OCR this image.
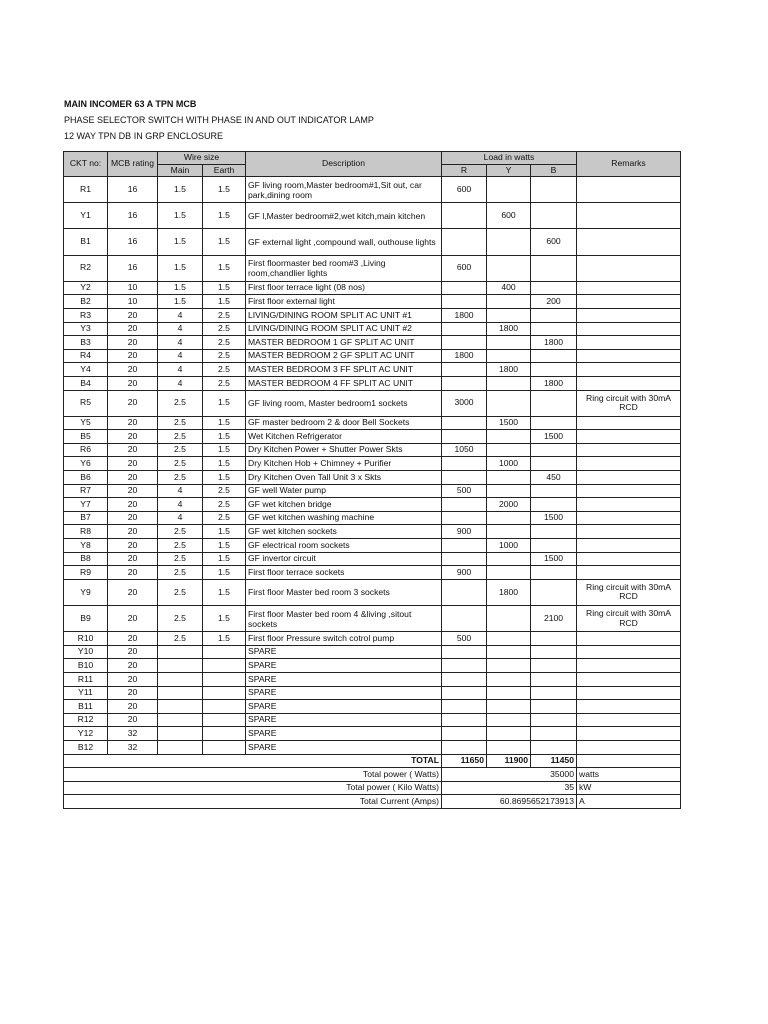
MAIN INCOMER 63 A TPN MCB
PHASE SELECTOR SWITCH WITH PHASE IN AND OUT INDICATOR LAMP
12 WAY TPN DB IN GRP ENCLOSURE
CKT no:	MCB rating	Wire size		Description	Load in watts			Remarks
		Main	Earth		R	Y	B	
R1	16	1.5	1.5	GF living room,Master bedroom#1,Sit out, car park,dining room	600			
Y1	16	1.5	1.5	GF l,Master bedroom#2,wet kitch,main kitchen		600		
B1	16	1.5	1.5	GF external light ,compound wall, outhouse lights			600	
R2	16	1.5	1.5	First floormaster bed room#3 ,Living room,chandlier lights	600			
Y2	10	1.5	1.5	First floor terrace light (08 nos)		400		
B2	10	1.5	1.5	First floor external light			200	
R3	20	4	2.5	LIVING/DINING ROOM SPLIT AC UNIT #1	1800			
Y3	20	4	2.5	LIVING/DINING ROOM SPLIT AC UNIT #2		1800		
B3	20	4	2.5	MASTER BEDROOM 1 GF SPLIT AC UNIT			1800	
R4	20	4	2.5	MASTER BEDROOM 2 GF SPLIT AC UNIT	1800			
Y4	20	4	2.5	MASTER BEDROOM 3 FF SPLIT AC UNIT		1800		
B4	20	4	2.5	MASTER BEDROOM 4 FF SPLIT AC UNIT			1800	
R5	20	2.5	1.5	GF living room, Master bedroom1 sockets	3000			Ring circuit with 30mA RCD
Y5	20	2.5	1.5	GF master bedroom 2 & door Bell Sockets		1500		
B5	20	2.5	1.5	Wet Kitchen Refrigerator			1500	
R6	20	2.5	1.5	Dry Kitchen Power + Shutter Power Skts	1050			
Y6	20	2.5	1.5	Dry Kitchen Hob + Chimney + Purifier		1000		
B6	20	2.5	1.5	Dry Kitchen Oven Tall Unit 3 x Skts			450	
R7	20	4	2.5	GF well Water pump	500			
Y7	20	4	2.5	GF wet kitchen bridge		2000		
B7	20	4	2.5	GF wet kitchen washing machine			1500	
R8	20	2.5	1.5	GF wet kitchen sockets	900			
Y8	20	2.5	1.5	GF electrical room sockets		1000		
B8	20	2.5	1.5	GF invertor circuit			1500	
R9	20	2.5	1.5	First floor terrace sockets	900			
Y9	20	2.5	1.5	First floor Master bed room 3 sockets		1800		Ring circuit with 30mA RCD
B9	20	2.5	1.5	First floor Master bed room 4 &living ,sitout sockets			2100	Ring circuit with 30mA RCD
R10	20	2.5	1.5	First floor Pressure switch cotrol pump	500			
Y10	20			SPARE				
B10	20			SPARE				
R11	20			SPARE				
Y11	20			SPARE				
B11	20			SPARE				
R12	20			SPARE				
Y12	32			SPARE				
B12	32			SPARE				
TOTAL					11650	11900	11450	
Total power ( Watts)					35000			watts
Total power ( Kilo Watts)					35			kW
Total Current (Amps)					60.8695652173913			A
